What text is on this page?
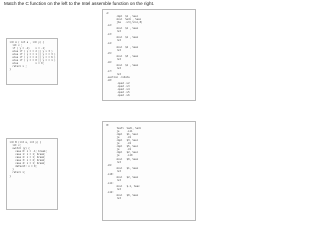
Match the C function on the left to the Intel assemble function on the right.
int A ( int a , int y) {
int x ;
if ( y = -1)    x = -1;
else if ( y = = 2 || y > 3 )
else if ( y = = 1 || y = = 3 )
else if ( y = = 4 || y = = 6 )
else if ( y = = 0 || y = = 1 )
else            x = 0;
return x ;
}
int B (int a, int y) {
int x;
switch (y) {
case 0: x = -1; break;
case 1: x = 1; break;
case 2: x = 1; break;
case 3: x = 2; break;
case 4: x = 1; break;
default: x = 0;
}
return x;
}
A:
cmpl  $1 , %esi
movl  %edi , %eax
jbe   .L3(,%rsi,8)
.L2:
movl  $1 , %eax
ret
.L3:
movl  $1 , %eax
ret
.L4:
movl  $2 , %eax
ret
.L5:
movl  $3 , %eax
ret
.L6:
movl  $1 , %eax
ret
.L7:
ret
.section .rodata
.L8:
.quad .L2
.quad .L3
.quad .L4
.quad .L5
.quad .L6
B:
testl  %edi, %edi
js     .L11
cmpl   $1, %esi
je     .L9
cmpl   $3, %esi
je     .L9
cmpl   $5, %esi
je     .L9
cmpl   $2, %esi
je     .L10
movl   $0, %eax
ret
.L9:
movl   $1, %eax
ret
.L10:
movl   $2, %eax
ret
.L11:
movl   $-1, %eax
ret
.L12:
movl   $0, %eax
ret
